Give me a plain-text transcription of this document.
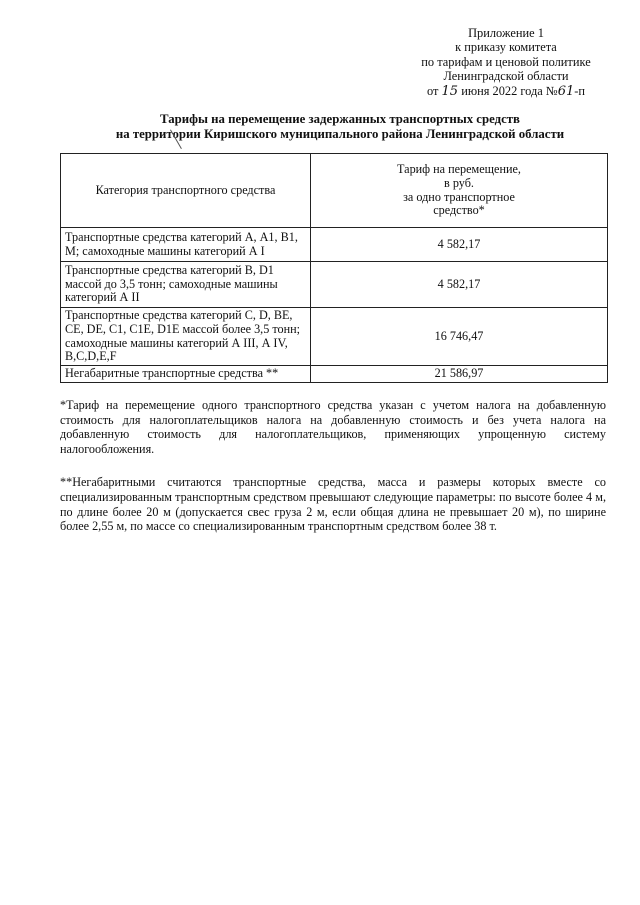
Приложение 1
к приказу комитета
по тарифам и ценовой политике
Ленинградской области
от 15 июня 2022 года №61-п
Тарифы на перемещение задержанных транспортных средств
на территории Киришского муниципального района Ленинградской области
Категория транспортного средства	Тариф на перемещение,
в руб.
за одно транспортное
средство*

Транспортные средства категорий А, А1, В1,
М; самоходные машины категорий А I	4 582,17

Транспортные средства категорий В, D1
массой до 3,5 тонн; самоходные машины
категорий А II	4 582,17

Транспортные средства категорий С, D, ВЕ,
СЕ, DE, С1, С1Е, D1E массой более 3,5 тонн;
самоходные машины категорий А III, А IV,
B,C,D,E,F	16 746,47

Негабаритные транспортные средства **	21 586,97

*Тариф на перемещение одного транспортного средства указан с учетом налога на добавленную стоимость для налогоплательщиков налога на добавленную стоимость и без учета налога на добавленную стоимость для налогоплательщиков, применяющих упрощенную систему налогообложения.

**Негабаритными считаются транспортные средства, масса и размеры которых вместе со специализированным транспортным средством превышают следующие параметры: по высоте более 4 м, по длине более 20 м (допускается свес груза 2 м, если общая длина не превышает 20 м), по ширине более 2,55 м, по массе со специализированным транспортным средством более 38 т.
